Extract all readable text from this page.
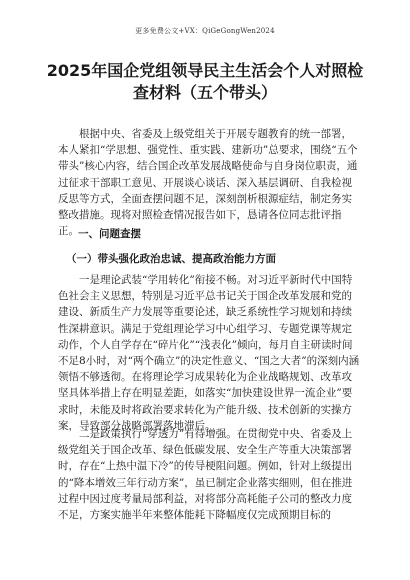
更多免费公文+VX：QiGeGongWen2024
2025年国企党组领导民主生活会个人对照检查材料（五个带头）
根据中央、省委及上级党组关于开展专题教育的统一部署，本人紧扣“学思想、强党性、重实践、建新功”总要求，围绕“五个带头”核心内容，结合国企改革发展战略使命与自身岗位职责，通过征求干部职工意见、开展谈心谈话、深入基层调研、自我检视反思等方式，全面查摆问题不足，深刻剖析根源症结，制定务实整改措施。现将对照检查情况报告如下，恳请各位同志批评指正。 一、问题查摆
（一）带头强化政治忠诚、提高政治能力方面
一是理论武装“学用转化”衔接不畅。对习近平新时代中国特色社会主义思想，特别是习近平总书记关于国企改革发展和党的建设、新质生产力发展等重要论述，缺乏系统性学习规划和持续性深耕意识。满足于党组理论学习中心组学习、专题党课等规定动作，个人自学存在“碎片化”“浅表化”倾向，每月自主研读时间不足8小时，对“两个确立”的决定性意义、“国之大者”的深刻内涵领悟不够透彻。在将理论学习成果转化为企业战略规划、改革攻坚具体举措上存在明显差距，如落实“加快建设世界一流企业”要求时，未能及时将政治要求转化为产能升级、技术创新的实操方案，导致部分战略部署落地滞后。
二是政策执行“穿透力”有待增强。在贯彻党中央、省委及上级党组关于国企改革、绿色低碳发展、安全生产等重大决策部署时，存在“上热中温下冷”的传导梗阻问题。例如，针对上级提出的“降本增效三年行动方案”，虽已制定企业落实细则，但在推进过程中因过度考量局部利益，对将部分高耗能子公司的整改力度不足，方案实施半年来整体能耗下降幅度仅完成预期目标的
